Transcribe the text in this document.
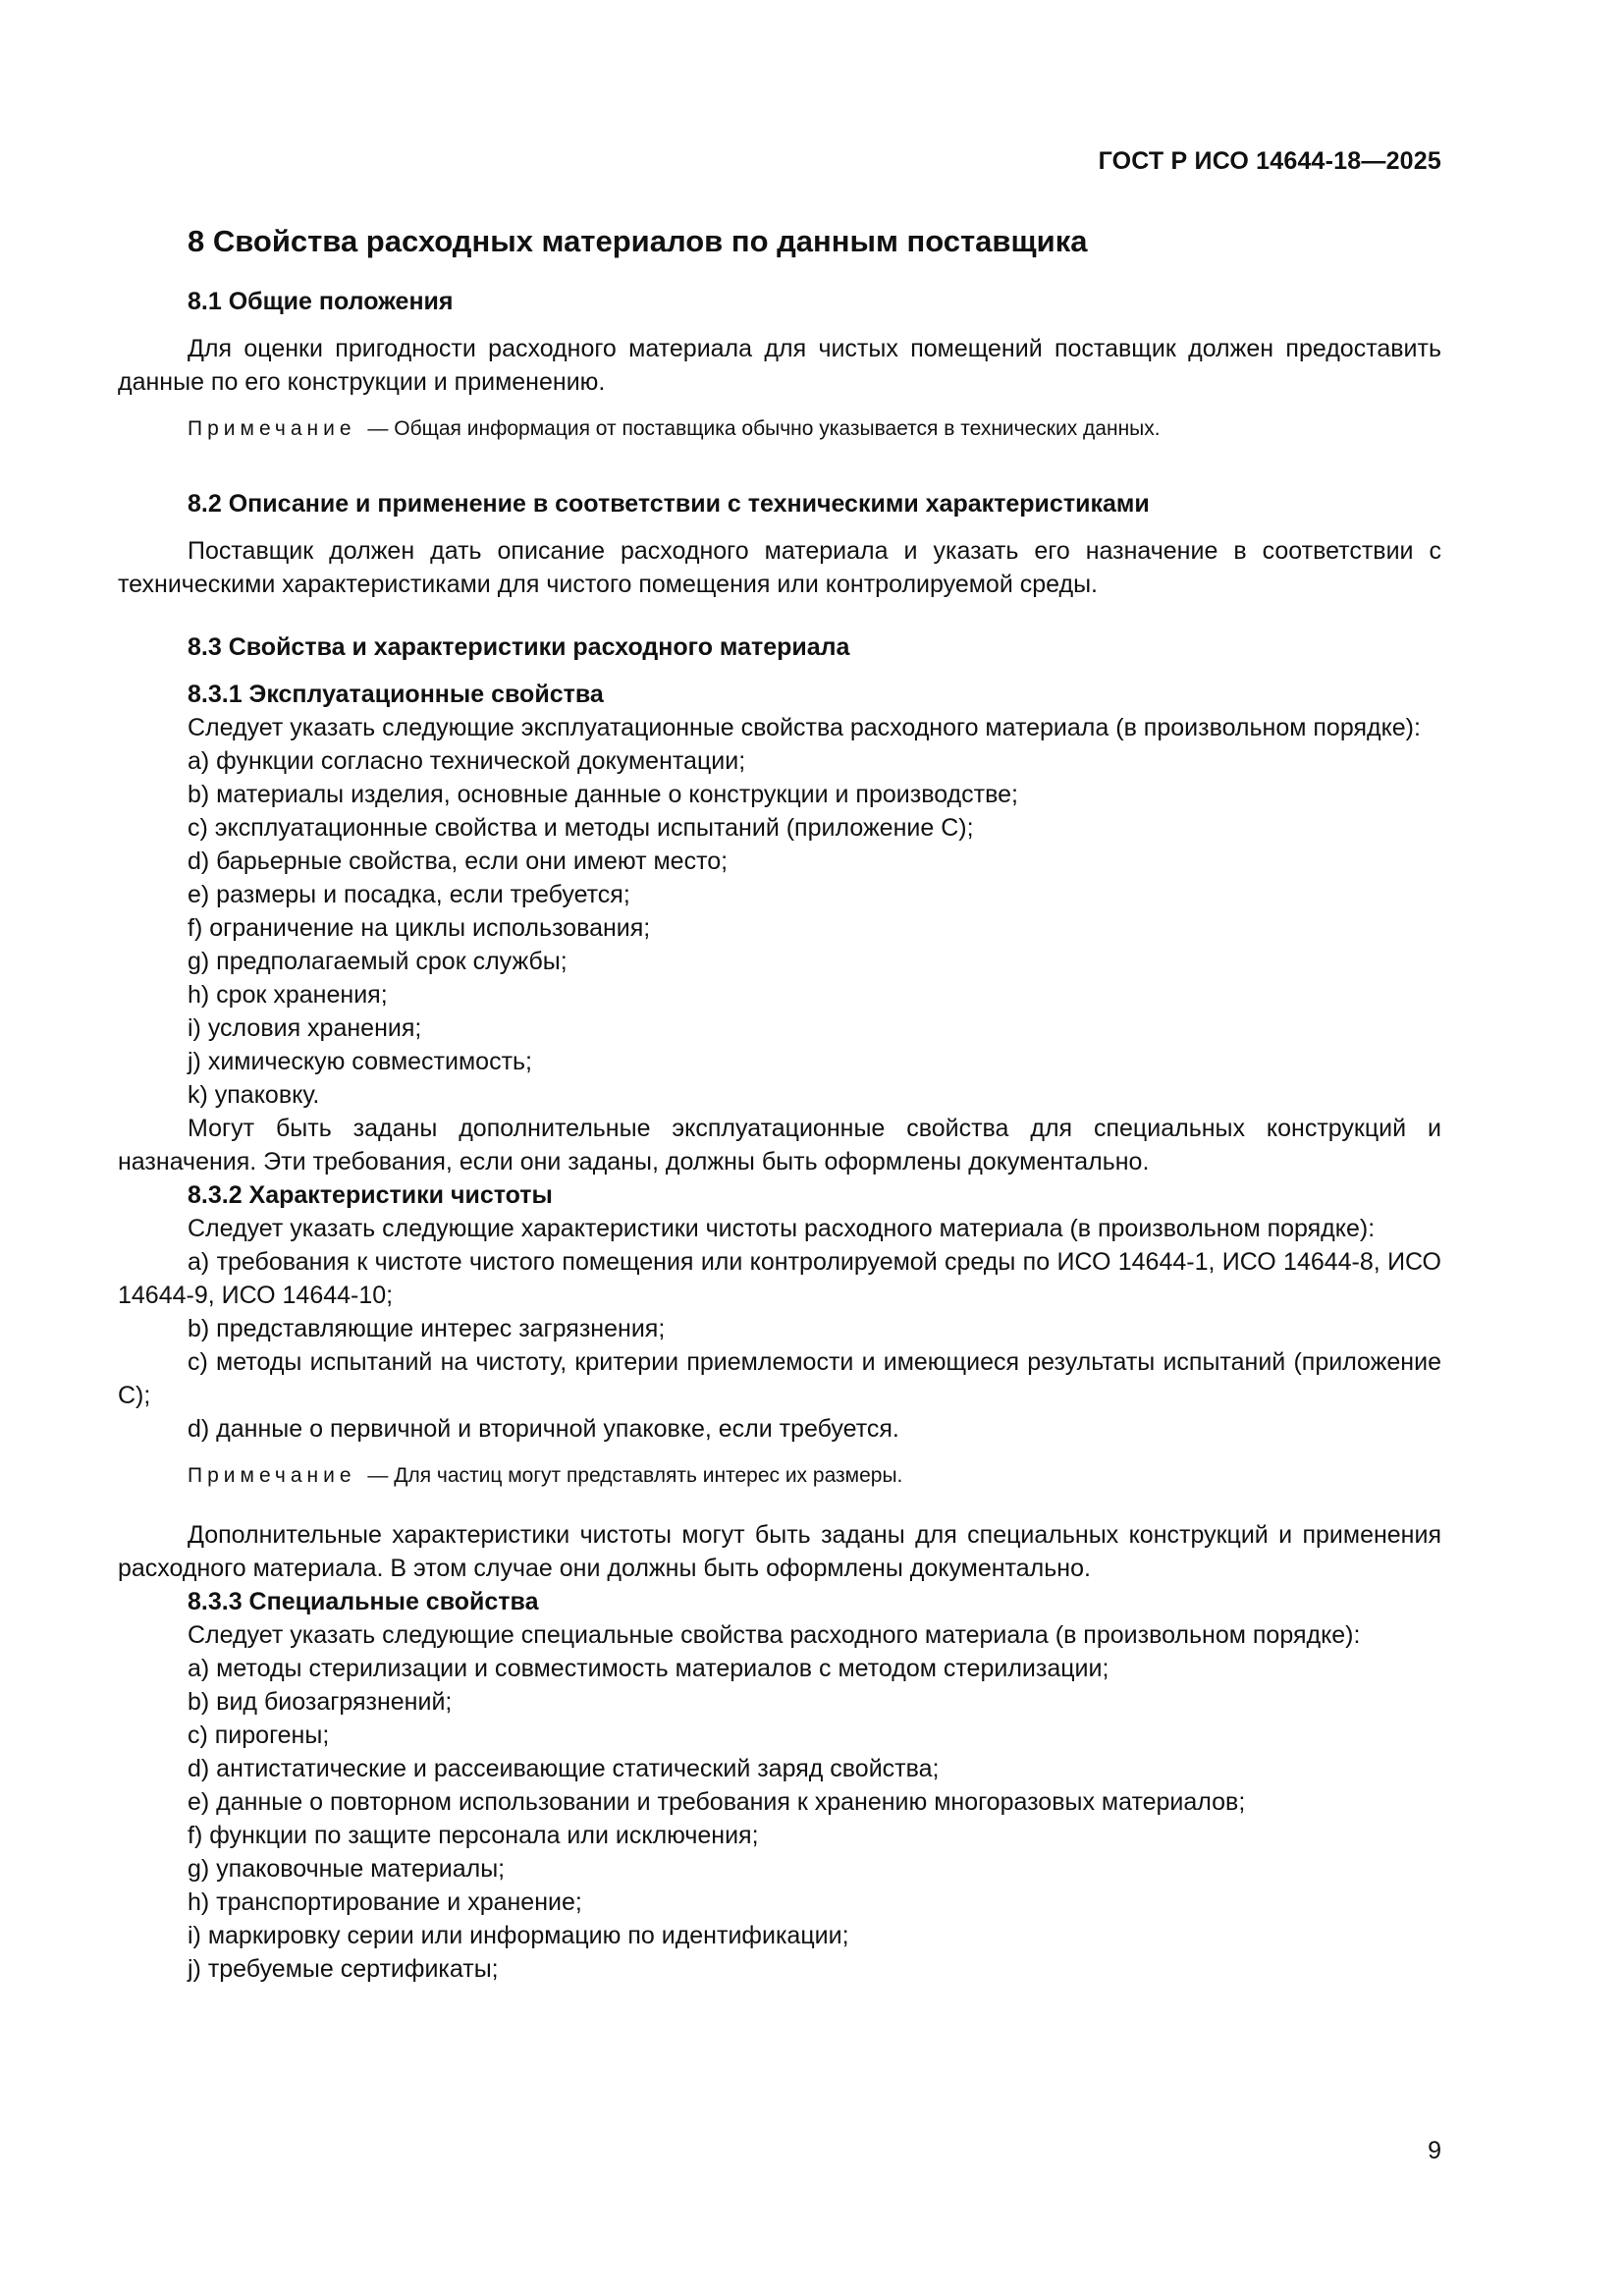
ГОСТ Р ИСО 14644-18—2025

8 Свойства расходных материалов по данным поставщика

8.1 Общие положения

Для оценки пригодности расходного материала для чистых помещений поставщик должен предоставить данные по его конструкции и применению.

Примечание — Общая информация от поставщика обычно указывается в технических данных.

8.2 Описание и применение в соответствии с техническими характеристиками

Поставщик должен дать описание расходного материала и указать его назначение в соответствии с техническими характеристиками для чистого помещения или контролируемой среды.

8.3 Свойства и характеристики расходного материала

8.3.1 Эксплуатационные свойства

Следует указать следующие эксплуатационные свойства расходного материала (в произвольном порядке):

a) функции согласно технической документации;

b) материалы изделия, основные данные о конструкции и производстве;

c) эксплуатационные свойства и методы испытаний (приложение С);

d) барьерные свойства, если они имеют место;

e) размеры и посадка, если требуется;

f) ограничение на циклы использования;

g) предполагаемый срок службы;

h) срок хранения;

i) условия хранения;

j) химическую совместимость;

k) упаковку.

Могут быть заданы дополнительные эксплуатационные свойства для специальных конструкций и назначения. Эти требования, если они заданы, должны быть оформлены документально.

8.3.2 Характеристики чистоты

Следует указать следующие характеристики чистоты расходного материала (в произвольном порядке):

a) требования к чистоте чистого помещения или контролируемой среды по ИСО 14644-1, ИСО 14644-8, ИСО 14644-9, ИСО 14644-10;

b) представляющие интерес загрязнения;

c) методы испытаний на чистоту, критерии приемлемости и имеющиеся результаты испытаний (приложение С);

d) данные о первичной и вторичной упаковке, если требуется.

Примечание — Для частиц могут представлять интерес их размеры.

Дополнительные характеристики чистоты могут быть заданы для специальных конструкций и применения расходного материала. В этом случае они должны быть оформлены документально.

8.3.3 Специальные свойства

Следует указать следующие специальные свойства расходного материала (в произвольном порядке):

a) методы стерилизации и совместимость материалов с методом стерилизации;

b) вид биозагрязнений;

c) пирогены;

d) антистатические и рассеивающие статический заряд свойства;

e) данные о повторном использовании и требования к хранению многоразовых материалов;

f) функции по защите персонала или исключения;

g) упаковочные материалы;

h) транспортирование и хранение;

i) маркировку серии или информацию по идентификации;

j) требуемые сертификаты;

9
